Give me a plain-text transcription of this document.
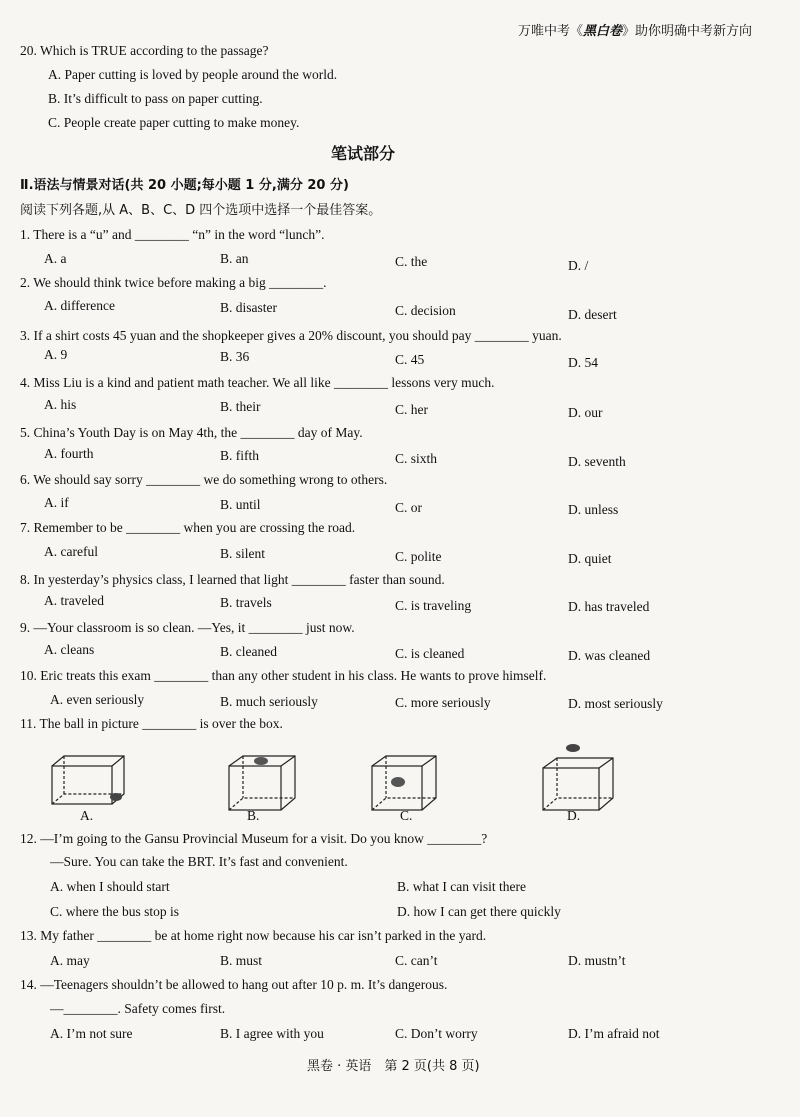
万唯中考《黑白卷》助你明确中考新方向
20. Which is TRUE according to the passage?
A. Paper cutting is loved by people around the world.
B. It’s difficult to pass on paper cutting.
C. People create paper cutting to make money.
笔试部分
Ⅱ.语法与情景对话(共 20 小题;每小题 1 分,满分 20 分)
阅读下列各题,从 A、B、C、D 四个选项中选择一个最佳答案。
1. There is a “u” and ________ “n” in the word “lunch”.
A. a	B. an	C. the	D. /
2. We should think twice before making a big ________.
A. difference	B. disaster	C. decision	D. desert
3. If a shirt costs 45 yuan and the shopkeeper gives a 20% discount, you should pay ________ yuan.
A. 9	B. 36	C. 45	D. 54
4. Miss Liu is a kind and patient math teacher. We all like ________ lessons very much.
A. his	B. their	C. her	D. our
5. China’s Youth Day is on May 4th, the ________ day of May.
A. fourth	B. fifth	C. sixth	D. seventh
6. We should say sorry ________ we do something wrong to others.
A. if	B. until	C. or	D. unless
7. Remember to be ________ when you are crossing the road.
A. careful	B. silent	C. polite	D. quiet
8. In yesterday’s physics class, I learned that light ________ faster than sound.
A. traveled	B. travels	C. is traveling	D. has traveled
9. —Your classroom is so clean. —Yes, it ________ just now.
A. cleans	B. cleaned	C. is cleaned	D. was cleaned
10. Eric treats this exam ________ than any other student in his class. He wants to prove himself.
A. even seriously	B. much seriously	C. more seriously	D. most seriously
11. The ball in picture ________ is over the box.
A.	B.	C.	D.
12. —I’m going to the Gansu Provincial Museum for a visit. Do you know ________?
—Sure. You can take the BRT. It’s fast and convenient.
A. when I should start	B. what I can visit there
C. where the bus stop is	D. how I can get there quickly
13. My father ________ be at home right now because his car isn’t parked in the yard.
A. may	B. must	C. can’t	D. mustn’t
14. —Teenagers shouldn’t be allowed to hang out after 10 p. m. It’s dangerous.
—________. Safety comes first.
A. I’m not sure	B. I agree with you	C. Don’t worry	D. I’m afraid not
黑卷 · 英语　第 2 页(共 8 页)
